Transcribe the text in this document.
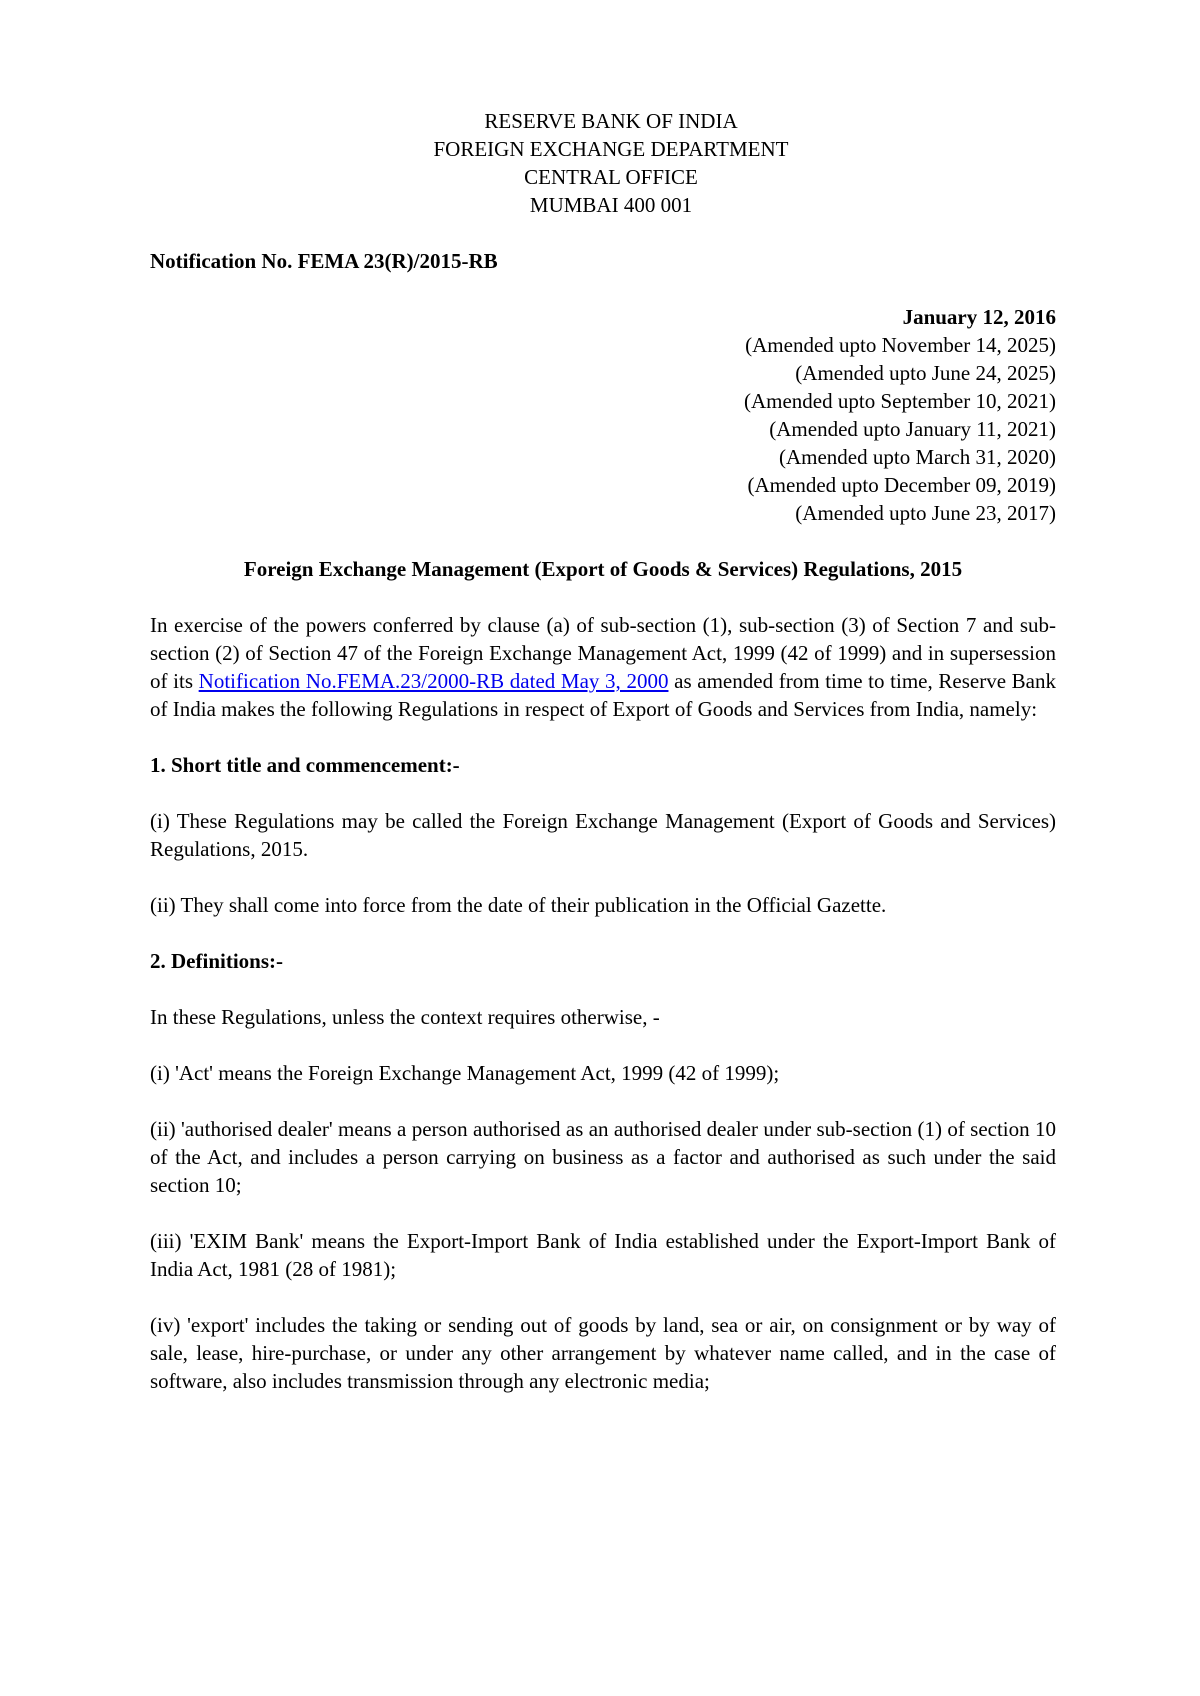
RESERVE BANK OF INDIA
FOREIGN EXCHANGE DEPARTMENT
CENTRAL OFFICE
MUMBAI 400 001
Notification No. FEMA 23(R)/2015-RB
January 12, 2016
(Amended upto November 14, 2025)
(Amended upto June 24, 2025)
(Amended upto September 10, 2021)
(Amended upto January 11, 2021)
(Amended upto March 31, 2020)
(Amended upto December 09, 2019)
(Amended upto June 23, 2017)
Foreign Exchange Management (Export of Goods & Services) Regulations, 2015
In exercise of the powers conferred by clause (a) of sub-section (1), sub-section (3) of Section 7 and sub-section (2) of Section 47 of the Foreign Exchange Management Act, 1999 (42 of 1999) and in supersession of its Notification No.FEMA.23/2000-RB dated May 3, 2000 as amended from time to time, Reserve Bank of India makes the following Regulations in respect of Export of Goods and Services from India, namely:
1. Short title and commencement:-
(i) These Regulations may be called the Foreign Exchange Management (Export of Goods and Services) Regulations, 2015.
(ii) They shall come into force from the date of their publication in the Official Gazette.
2. Definitions:-
In these Regulations, unless the context requires otherwise, -
(i) 'Act' means the Foreign Exchange Management Act, 1999 (42 of 1999);
(ii) 'authorised dealer' means a person authorised as an authorised dealer under sub-section (1) of section 10 of the Act, and includes a person carrying on business as a factor and authorised as such under the said section 10;
(iii) 'EXIM Bank' means the Export-Import Bank of India established under the Export-Import Bank of India Act, 1981 (28 of 1981);
(iv) 'export' includes the taking or sending out of goods by land, sea or air, on consignment or by way of sale, lease, hire-purchase, or under any other arrangement by whatever name called, and in the case of software, also includes transmission through any electronic media;
